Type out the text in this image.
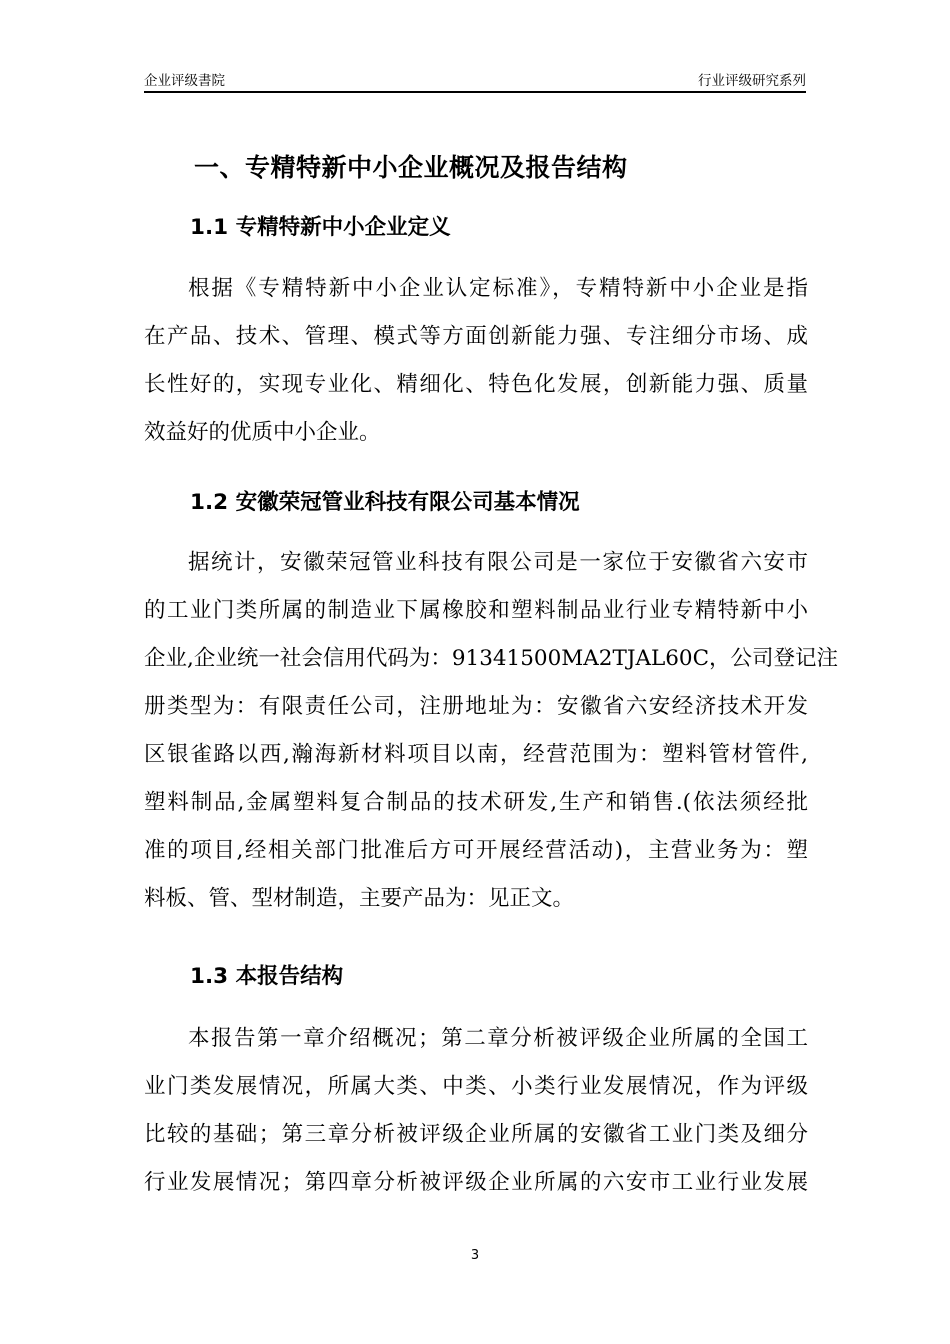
企业评级書院	行业评级研究系列
一、专精特新中小企业概况及报告结构
1.1 专精特新中小企业定义
根据《专精特新中小企业认定标准》，专精特新中小企业是指
在产品、技术、管理、模式等方面创新能力强、专注细分市场、成
长性好的，实现专业化、精细化、特色化发展，创新能力强、质量
效益好的优质中小企业。
1.2 安徽荣冠管业科技有限公司基本情况
据统计，安徽荣冠管业科技有限公司是一家位于安徽省六安市
的工业门类所属的制造业下属橡胶和塑料制品业行业专精特新中小
企业,企业统一社会信用代码为：91341500MA2TJAL60C，公司登记注
册类型为：有限责任公司，注册地址为：安徽省六安经济技术开发
区银雀路以西,瀚海新材料项目以南，经营范围为：塑料管材管件,
塑料制品,金属塑料复合制品的技术研发,生产和销售.(依法须经批
准的项目,经相关部门批准后方可开展经营活动)，主营业务为：塑
料板、管、型材制造，主要产品为：见正文。
1.3 本报告结构
本报告第一章介绍概况；第二章分析被评级企业所属的全国工
业门类发展情况，所属大类、中类、小类行业发展情况，作为评级
比较的基础；第三章分析被评级企业所属的安徽省工业门类及细分
行业发展情况；第四章分析被评级企业所属的六安市工业行业发展
3
